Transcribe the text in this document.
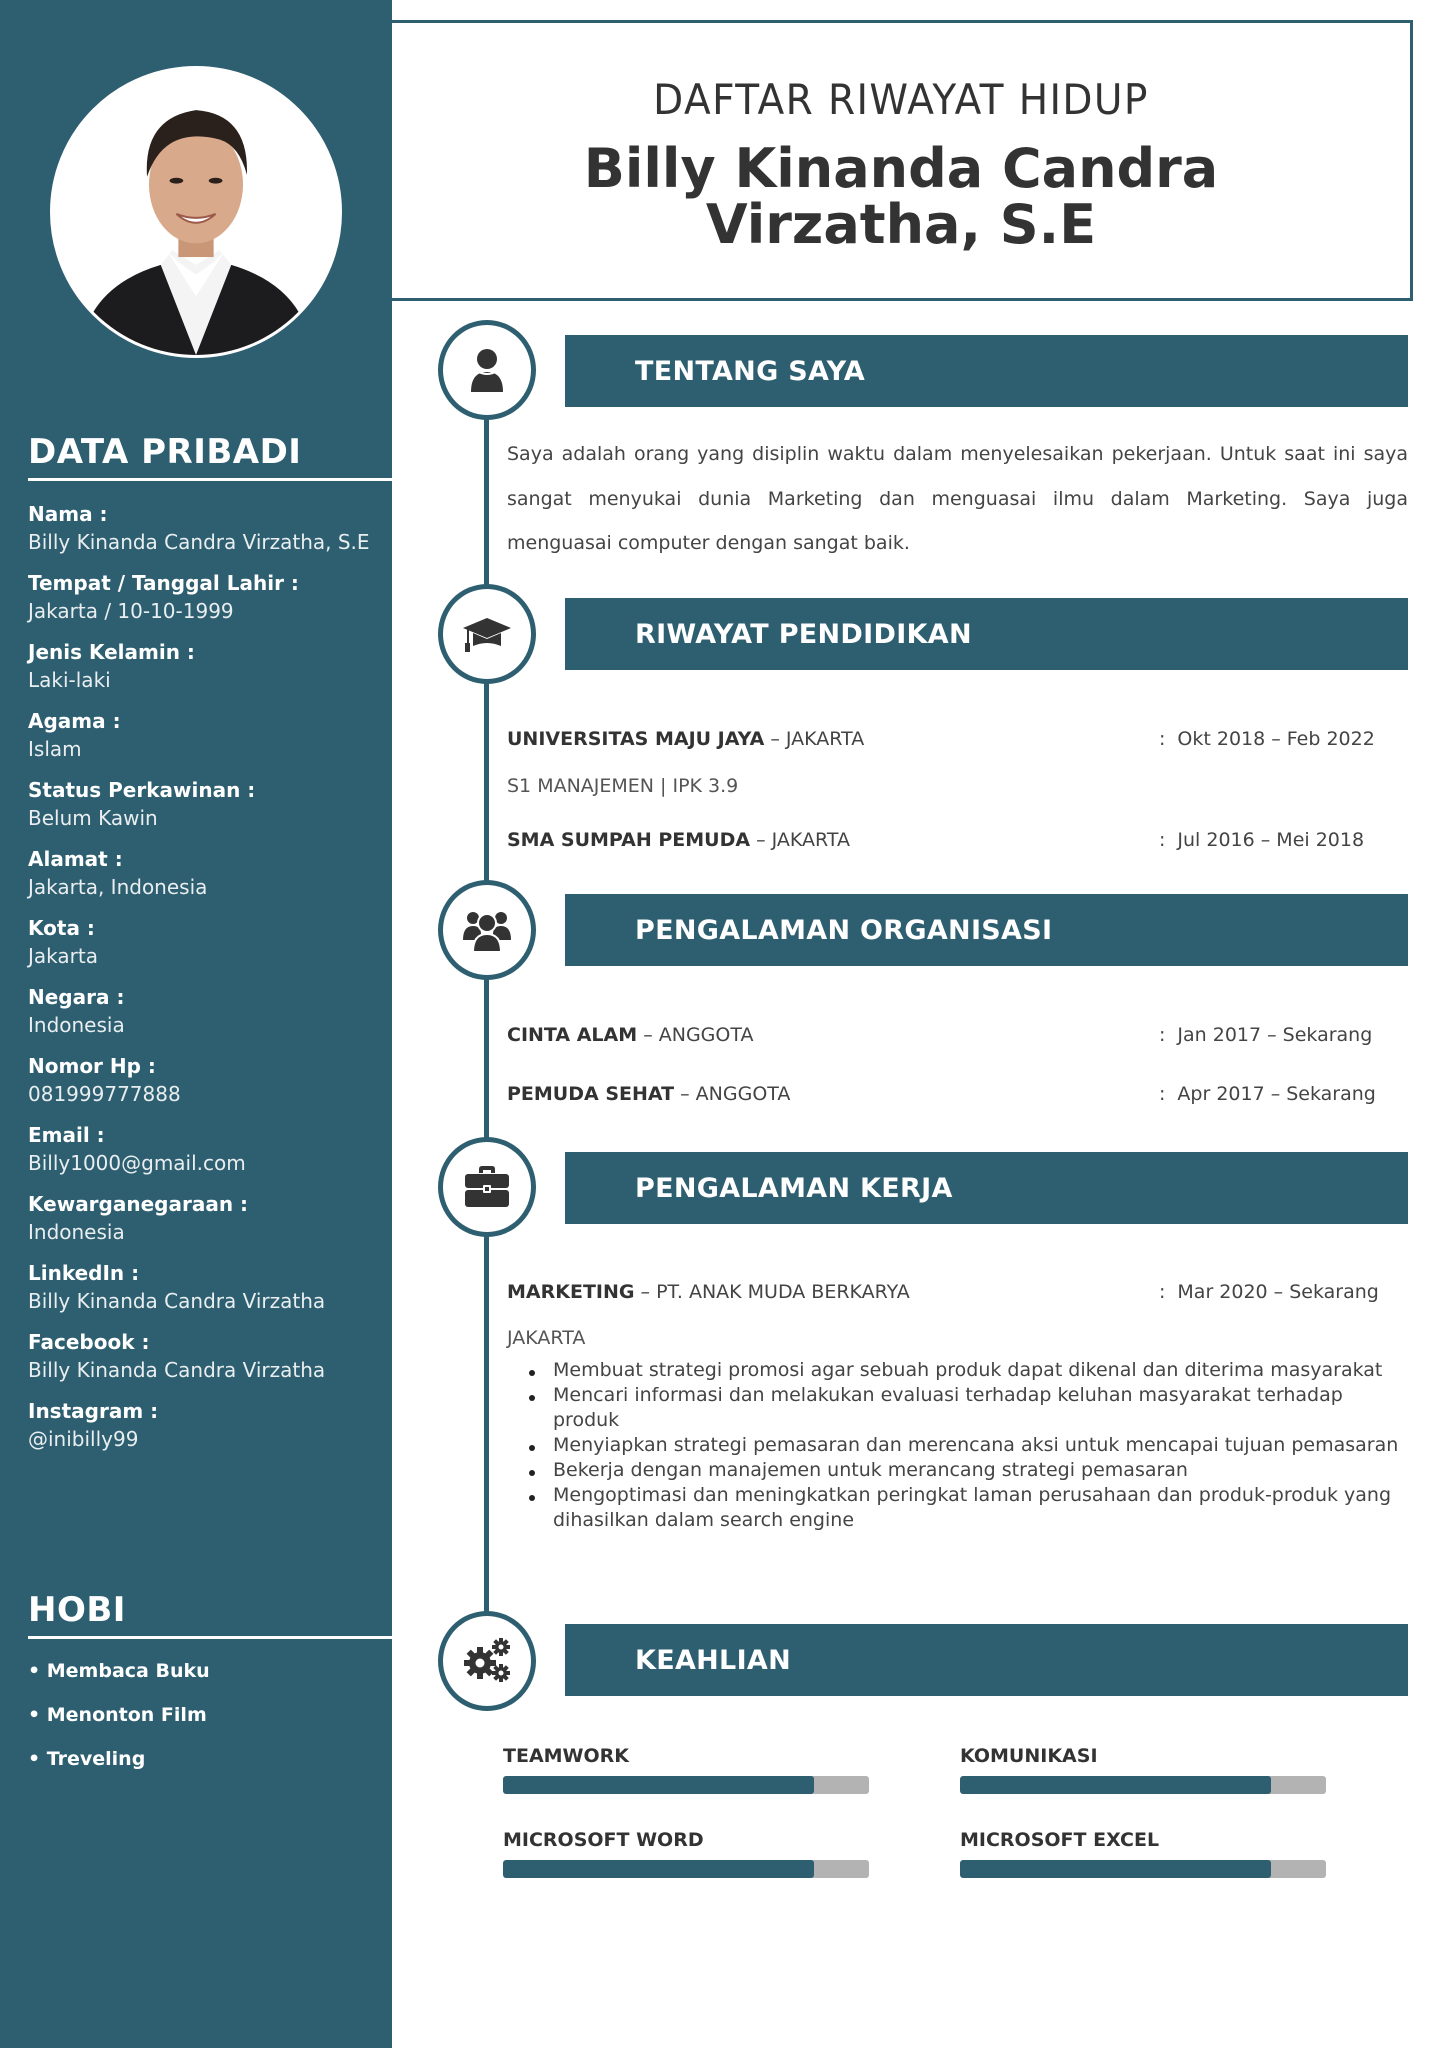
DATA PRIBADI
Nama :
Billy Kinanda Candra Virzatha, S.E
Tempat / Tanggal Lahir :
Jakarta / 10-10-1999
Jenis Kelamin :
Laki-laki
Agama :
Islam
Status Perkawinan :
Belum Kawin
Alamat :
Jakarta, Indonesia
Kota :
Jakarta
Negara :
Indonesia
Nomor Hp :
081999777888
Email :
Billy1000@gmail.com
Kewarganegaraan :
Indonesia
LinkedIn :
Billy Kinanda Candra Virzatha
Facebook :
Billy Kinanda Candra Virzatha
Instagram :
@inibilly99
HOBI
• Membaca Buku
• Menonton Film
• Treveling
DAFTAR RIWAYAT HIDUP
Billy Kinanda Candra
Virzatha, S.E
TENTANG SAYA

Saya adalah orang yang disiplin waktu dalam menyelesaikan pekerjaan. Untuk saat ini saya sangat menyukai dunia Marketing dan menguasai ilmu dalam Marketing. Saya juga menguasai computer dengan sangat baik.

RIWAYAT PENDIDIKAN
UNIVERSITAS MAJU JAYA – JAKARTA	: Okt 2018 – Feb 2022
S1 MANAJEMEN | IPK 3.9
SMA SUMPAH PEMUDA – JAKARTA	: Jul 2016 – Mei 2018
PENGALAMAN ORGANISASI
CINTA ALAM – ANGGOTA	: Jan 2017 – Sekarang
PEMUDA SEHAT – ANGGOTA	: Apr 2017 – Sekarang
PENGALAMAN KERJA
MARKETING – PT. ANAK MUDA BERKARYA	: Mar 2020 – Sekarang
JAKARTA
Membuat strategi promosi agar sebuah produk dapat dikenal dan diterima masyarakat
Mencari informasi dan melakukan evaluasi terhadap keluhan masyarakat terhadap produk
Menyiapkan strategi pemasaran dan merencana aksi untuk mencapai tujuan pemasaran
Bekerja dengan manajemen untuk merancang strategi pemasaran
Mengoptimasi dan meningkatkan peringkat laman perusahaan dan produk-produk yang dihasilkan dalam search engine
KEAHLIAN
TEAMWORK	KOMUNIKASI
MICROSOFT WORD	MICROSOFT EXCEL
